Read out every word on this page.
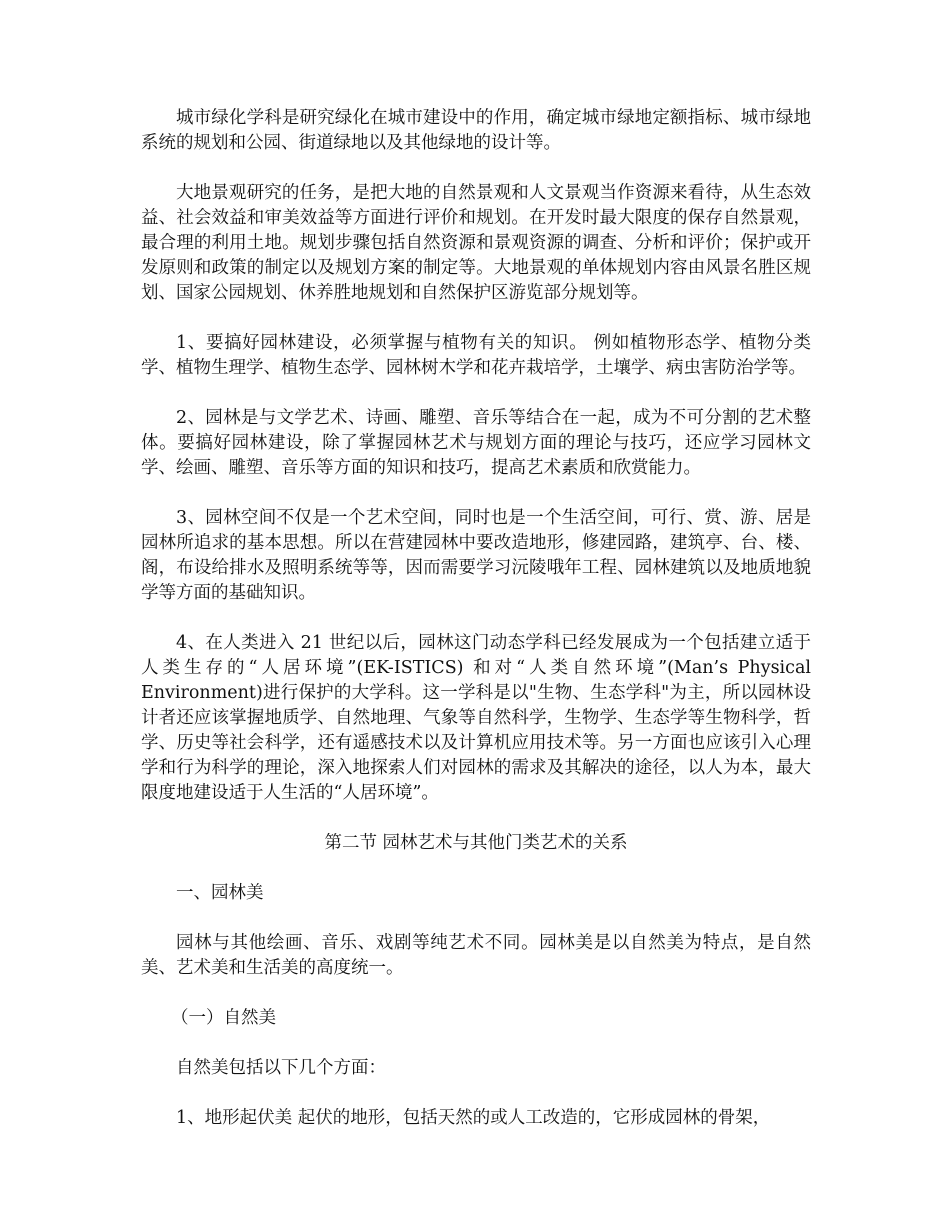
城市绿化学科是研究绿化在城市建设中的作用，确定城市绿地定额指标、城市绿地系统的规划和公园、街道绿地以及其他绿地的设计等。

大地景观研究的任务，是把大地的自然景观和人文景观当作资源来看待，从生态效益、社会效益和审美效益等方面进行评价和规划。在开发时最大限度的保存自然景观，最合理的利用土地。规划步骤包括自然资源和景观资源的调查、分析和评价；保护或开发原则和政策的制定以及规划方案的制定等。大地景观的单体规划内容由风景名胜区规划、国家公园规划、休养胜地规划和自然保护区游览部分规划等。

1、要搞好园林建设，必须掌握与植物有关的知识。 例如植物形态学、植物分类学、植物生理学、植物生态学、园林树木学和花卉栽培学，土壤学、病虫害防治学等。

2、园林是与文学艺术、诗画、雕塑、音乐等结合在一起，成为不可分割的艺术整体。要搞好园林建设，除了掌握园林艺术与规划方面的理论与技巧，还应学习园林文学、绘画、雕塑、音乐等方面的知识和技巧，提高艺术素质和欣赏能力。

3、园林空间不仅是一个艺术空间，同时也是一个生活空间，可行、赏、游、居是园林所追求的基本思想。所以在营建园林中要改造地形，修建园路，建筑亭、台、楼、阁，布设给排水及照明系统等等，因而需要学习沅陵哦年工程、园林建筑以及地质地貌学等方面的基础知识。

4、在人类进入 21 世纪以后，园林这门动态学科已经发展成为一个包括建立适于人类生存的“人居环境”(EK-ISTICS) 和对“人类自然环境”(Man’s Physical Environment)进行保护的大学科。这一学科是以"生物、生态学科"为主，所以园林设计者还应该掌握地质学、自然地理、气象等自然科学，生物学、生态学等生物科学，哲学、历史等社会科学，还有遥感技术以及计算机应用技术等。另一方面也应该引入心理学和行为科学的理论，深入地探索人们对园林的需求及其解决的途径，以人为本，最大限度地建设适于人生活的“人居环境”。

第二节 园林艺术与其他门类艺术的关系

一、园林美

园林与其他绘画、音乐、戏剧等纯艺术不同。园林美是以自然美为特点，是自然美、艺术美和生活美的高度统一。

（一）自然美

自然美包括以下几个方面：

1、地形起伏美 起伏的地形，包括天然的或人工改造的，它形成园林的骨架，
